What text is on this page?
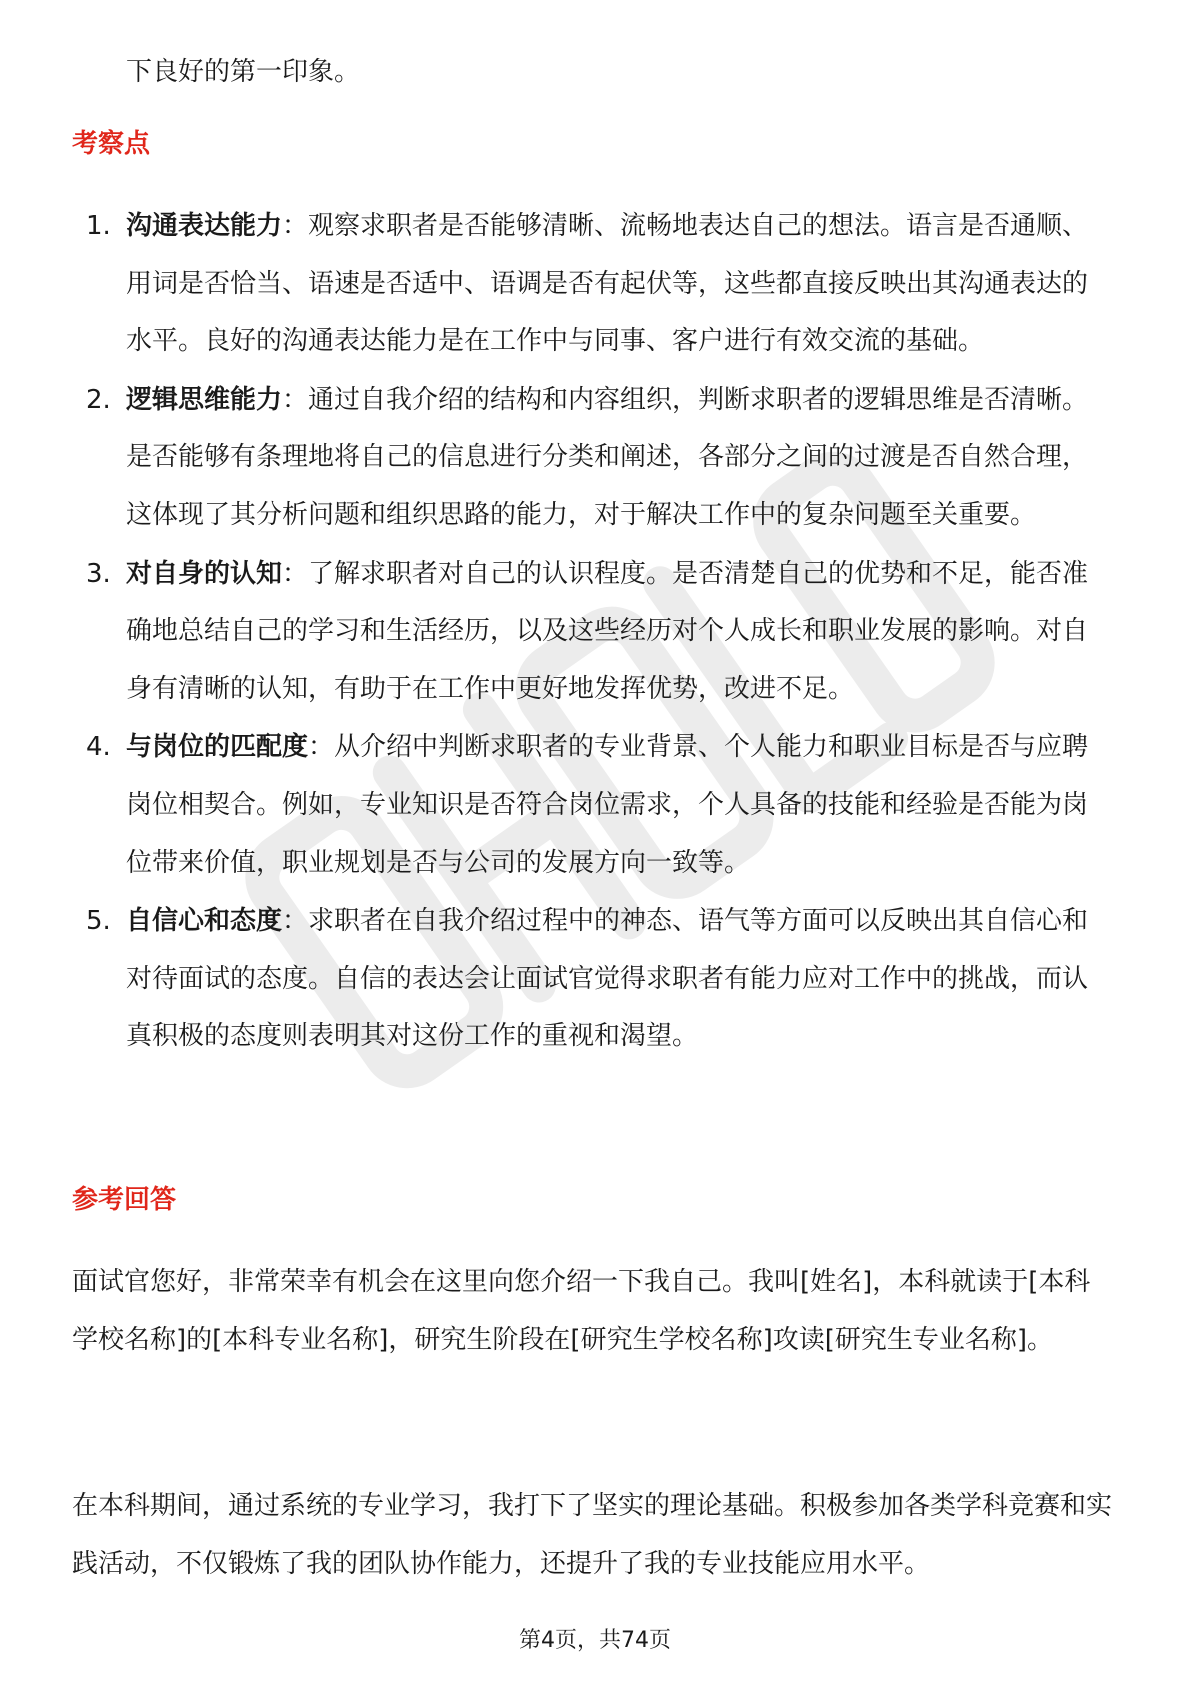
下良好的第一印象。

考察点
1. 沟通表达能力：观察求职者是否能够清晰、流畅地表达自己的想法。语言是否通顺、用词是否恰当、语速是否适中、语调是否有起伏等，这些都直接反映出其沟通表达的水平。良好的沟通表达能力是在工作中与同事、客户进行有效交流的基础。
2. 逻辑思维能力：通过自我介绍的结构和内容组织，判断求职者的逻辑思维是否清晰。是否能够有条理地将自己的信息进行分类和阐述，各部分之间的过渡是否自然合理，这体现了其分析问题和组织思路的能力，对于解决工作中的复杂问题至关重要。
3. 对自身的认知：了解求职者对自己的认识程度。是否清楚自己的优势和不足，能否准确地总结自己的学习和生活经历，以及这些经历对个人成长和职业发展的影响。对自身有清晰的认知，有助于在工作中更好地发挥优势，改进不足。
4. 与岗位的匹配度：从介绍中判断求职者的专业背景、个人能力和职业目标是否与应聘岗位相契合。例如，专业知识是否符合岗位需求，个人具备的技能和经验是否能为岗位带来价值，职业规划是否与公司的发展方向一致等。
5. 自信心和态度：求职者在自我介绍过程中的神态、语气等方面可以反映出其自信心和对待面试的态度。自信的表达会让面试官觉得求职者有能力应对工作中的挑战，而认真积极的态度则表明其对这份工作的重视和渴望。
参考回答

面试官您好，非常荣幸有机会在这里向您介绍一下我自己。我叫[姓名]，本科就读于[本科学校名称]的[本科专业名称]，研究生阶段在[研究生学校名称]攻读[研究生专业名称]。

在本科期间，通过系统的专业学习，我打下了坚实的理论基础。积极参加各类学科竞赛和实践活动，不仅锻炼了我的团队协作能力，还提升了我的专业技能应用水平。

第4页，共74页
